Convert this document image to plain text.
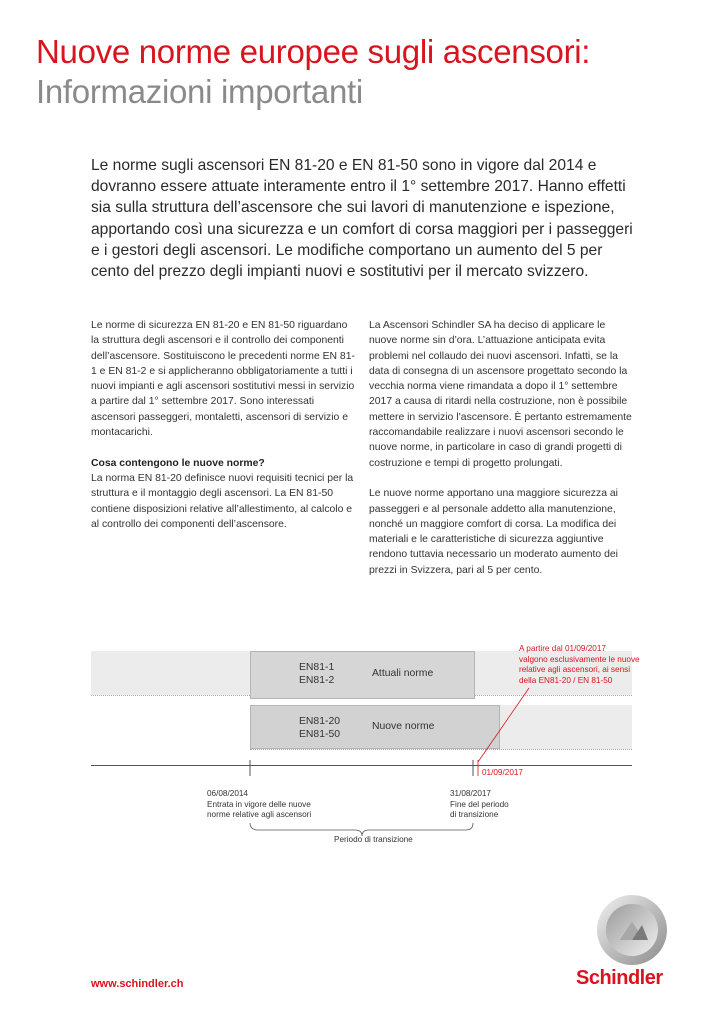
Nuove norme europee sugli ascensori:
Informazioni importanti
Le norme sugli ascensori EN 81-20 e EN 81-50 sono in vigore dal 2014 e dovranno essere attuate interamente entro il 1° settembre 2017. Hanno effetti sia sulla struttura dell’ascensore che sui lavori di manutenzione e ispezione, apportando così una sicurezza e un comfort di corsa maggiori per i passeggeri e i gestori degli ascensori. Le modifiche comportano un aumento del 5 per cento del prezzo degli impianti nuovi e sostitutivi per il mercato svizzero.

Le norme di sicurezza EN 81-20 e EN 81-50 riguardano la struttura degli ascensori e il controllo dei componenti dell’ascensore. Sostituiscono le precedenti norme EN 81-1 e EN 81-2 e si applicheranno obbligatoriamente a tutti i nuovi impianti e agli ascensori sostitutivi messi in servizio a partire dal 1° settembre 2017. Sono interessati ascensori passeggeri, montaletti, ascensori di servizio e montacarichi.

Cosa contengono le nuove norme?

La norma EN 81-20 definisce nuovi requisiti tecnici per la struttura e il montaggio degli ascensori. La EN 81-50 contiene disposizioni relative all’allestimento, al calcolo e al controllo dei componenti dell’ascensore.

La Ascensori Schindler SA ha deciso di applicare le nuove norme sin d’ora. L’attuazione anticipata evita problemi nel collaudo dei nuovi ascensori. Infatti, se la data di consegna di un ascensore progettato secondo la vecchia norma viene rimandata a dopo il 1° settembre 2017 a causa di ritardi nella costruzione, non è possibile mettere in servizio l’ascensore. È pertanto estremamente raccomandabile realizzare i nuovi ascensori secondo le nuove norme, in particolare in caso di grandi progetti di costruzione e tempi di progetto prolungati.

Le nuove norme apportano una maggiore sicurezza ai passeggeri e al personale addetto alla manutenzione, nonché un maggiore comfort di corsa. La modifica dei materiali e le caratteristiche di sicurezza aggiuntive rendono tuttavia necessario un moderato aumento dei prezzi in Svizzera, pari al 5 per cento.

EN81-1
EN81-2
Attuali norme
EN81-20
EN81-50
Nuove norme
A partire dal 01/09/2017
valgono esclusivamente le nuove
relative agli ascensori, ai sensi
della EN81-20 / EN 81-50
01/09/2017
06/08/2014
Entrata in vigore delle nuove
norme relative agli ascensori
31/08/2017
Fine del periodo
di transizione
Periodo di transizione
www.schindler.ch	Schindler
